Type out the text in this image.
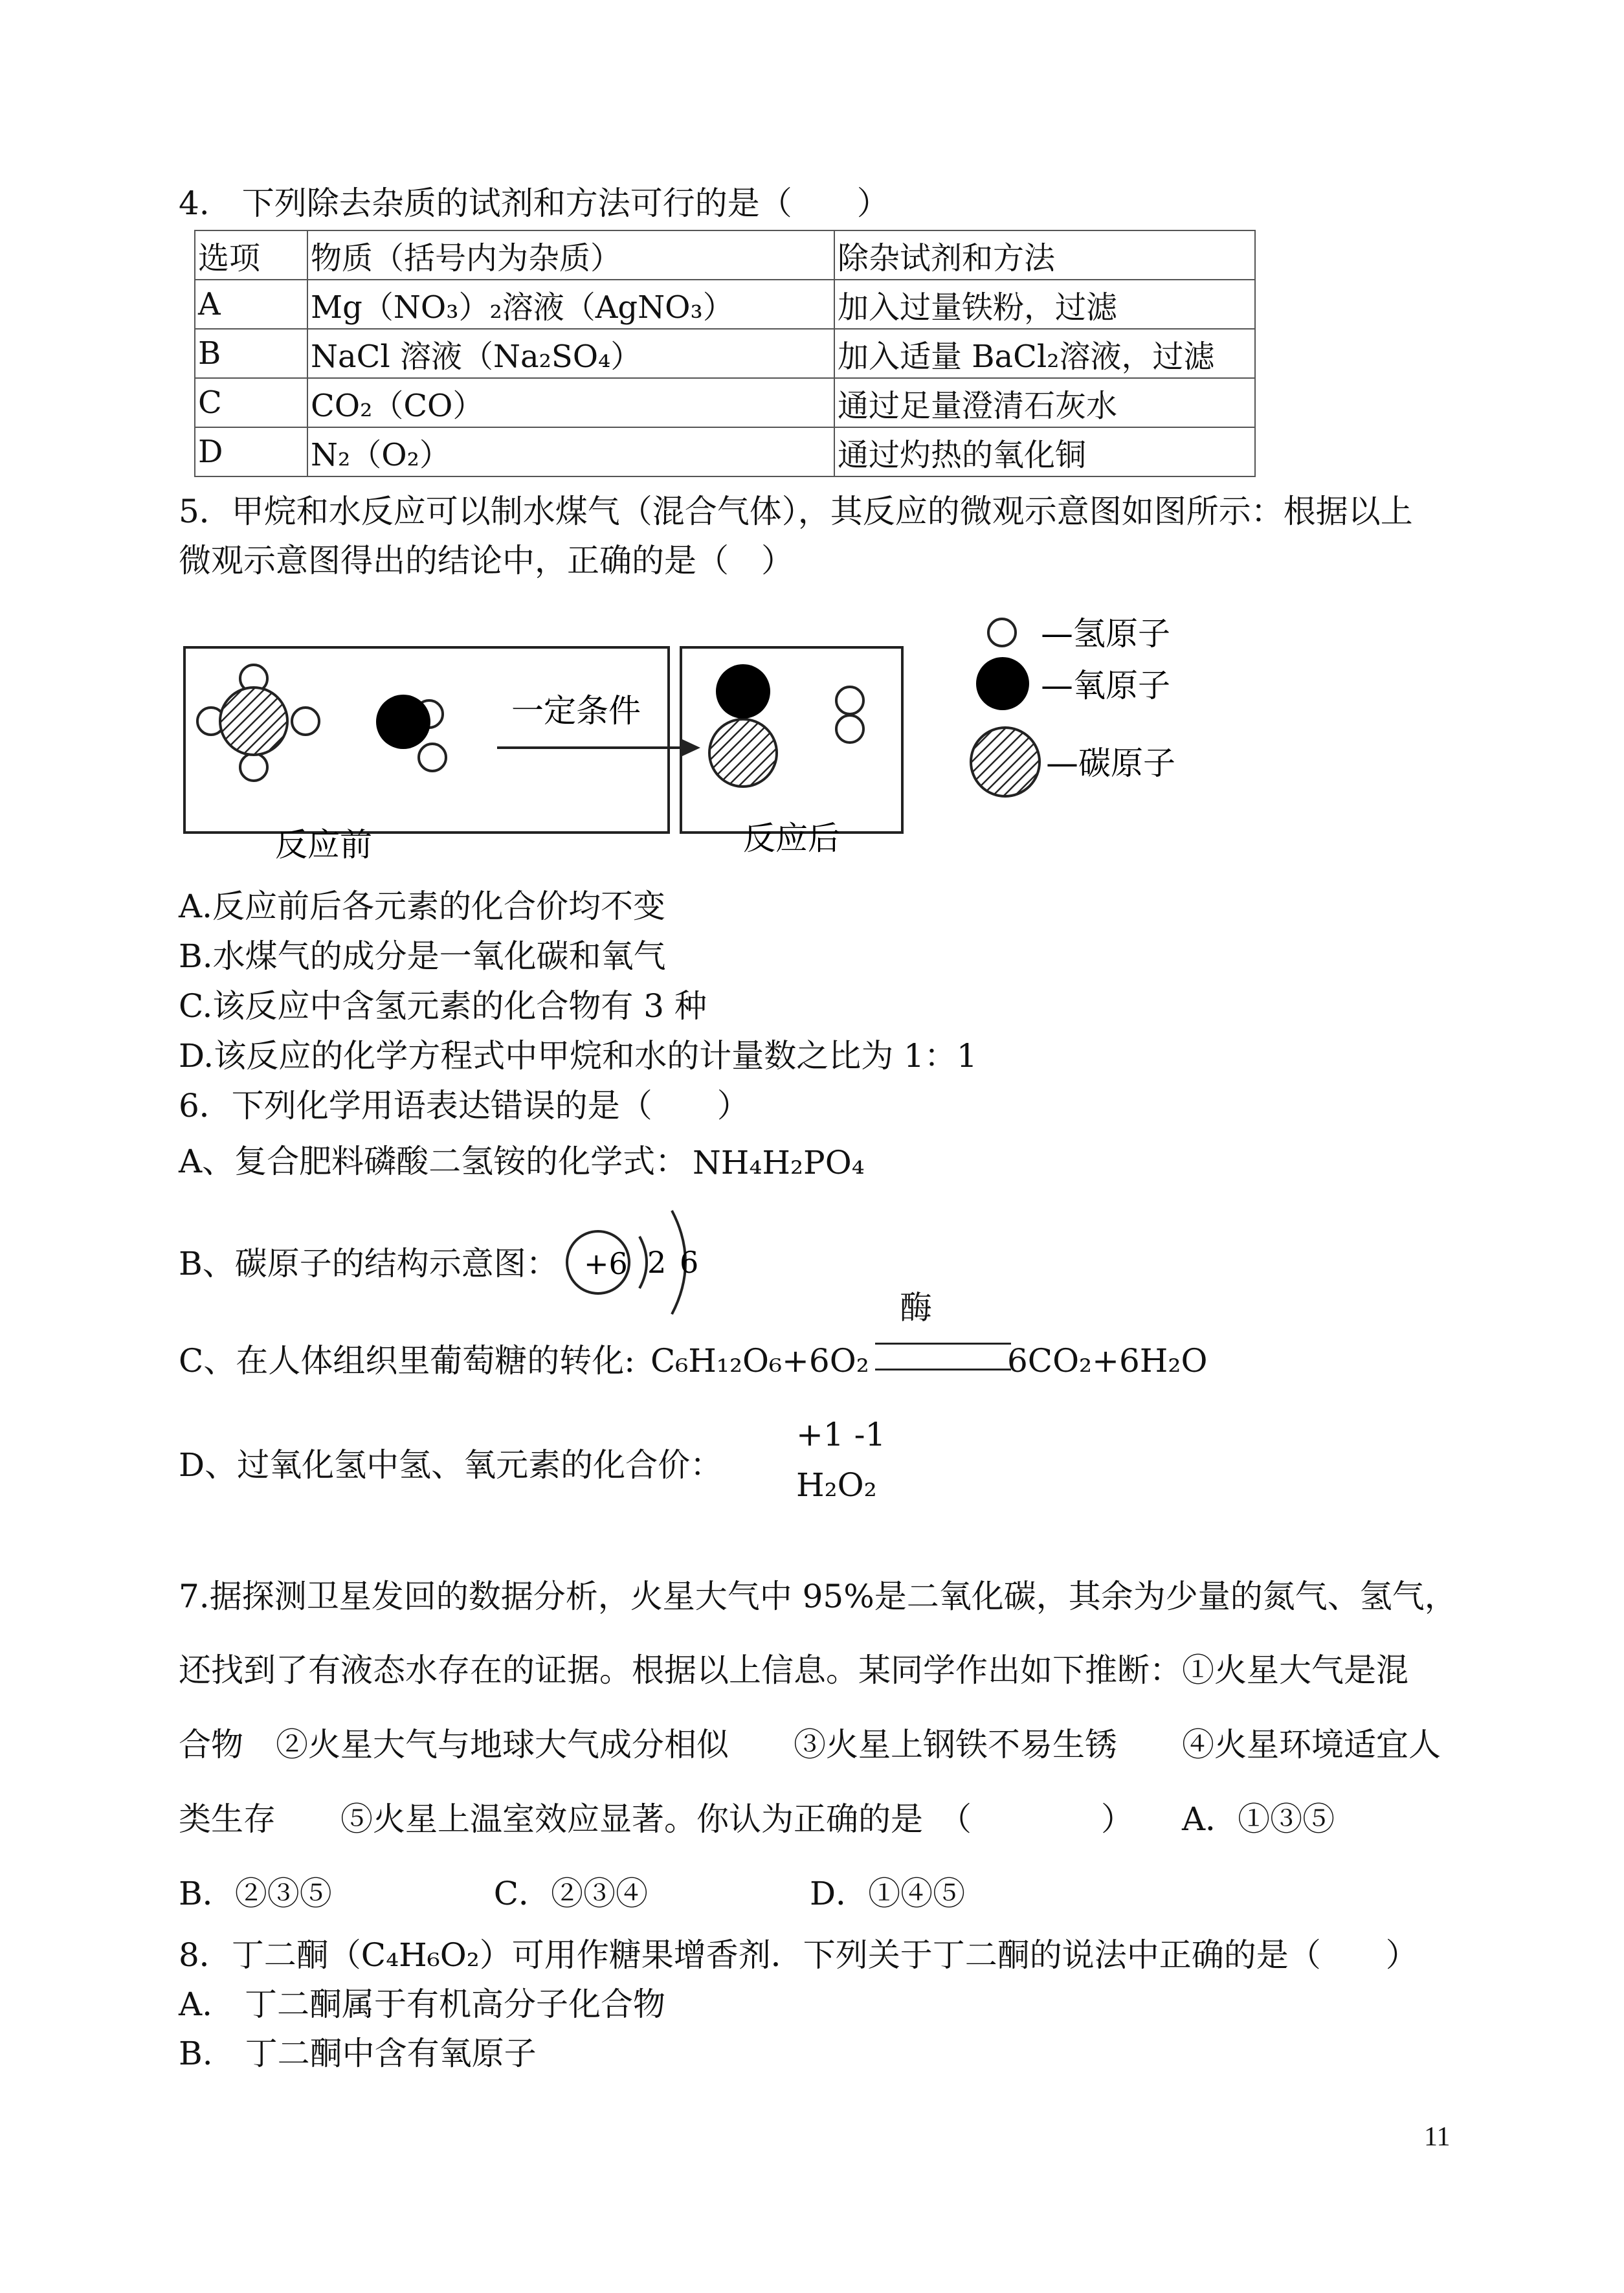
4.　下列除去杂质的试剂和方法可行的是（　　）
选项	物质（括号内为杂质）	除杂试剂和方法
A	Mg（NO₃）₂溶液（AgNO₃）	加入过量铁粉，过滤
B	NaCl 溶液（Na₂SO₄）	加入适量 BaCl₂溶液，过滤
C	CO₂（CO）	通过足量澄清石灰水
D	N₂（O₂）	通过灼热的氧化铜
5．甲烷和水反应可以制水煤气（混合气体），其反应的微观示意图如图所示：根据以上
微观示意图得出的结论中，正确的是（　）
一定条件
反应前	反应后
—氢原子
—氧原子
—碳原子
A.反应前后各元素的化合价均不变
B.水煤气的成分是一氧化碳和氧气
C.该反应中含氢元素的化合物有 3 种
D.该反应的化学方程式中甲烷和水的计量数之比为 1：1
6．下列化学用语表达错误的是（　　）
A、复合肥料磷酸二氢铵的化学式： NH₄H₂PO₄
B、碳原子的结构示意图： +6 2 6
C、在人体组织里葡萄糖的转化: C₆H₁₂O₆+6O₂
酶
6CO₂+6H₂O
D、过氧化氢中氢、氧元素的化合价：
+1 -1
H₂O₂
7.据探测卫星发回的数据分析，火星大气中 95%是二氧化碳，其余为少量的氮气、氢气，
还找到了有液态水存在的证据。根据以上信息。某同学作出如下推断：①火星大气是混
合物　②火星大气与地球大气成分相似　　③火星上钢铁不易生锈　　④火星环境适宜人
类生存　　⑤火星上温室效应显著。你认为正确的是　（　　　　）　　A．①③⑤
B．②③⑤　　　　　C．②③④　　　　　D．①④⑤
8．丁二酮（C₄H₆O₂）可用作糖果增香剂．下列关于丁二酮的说法中正确的是（　　）
A.　丁二酮属于有机高分子化合物
B.　丁二酮中含有氧原子
11
